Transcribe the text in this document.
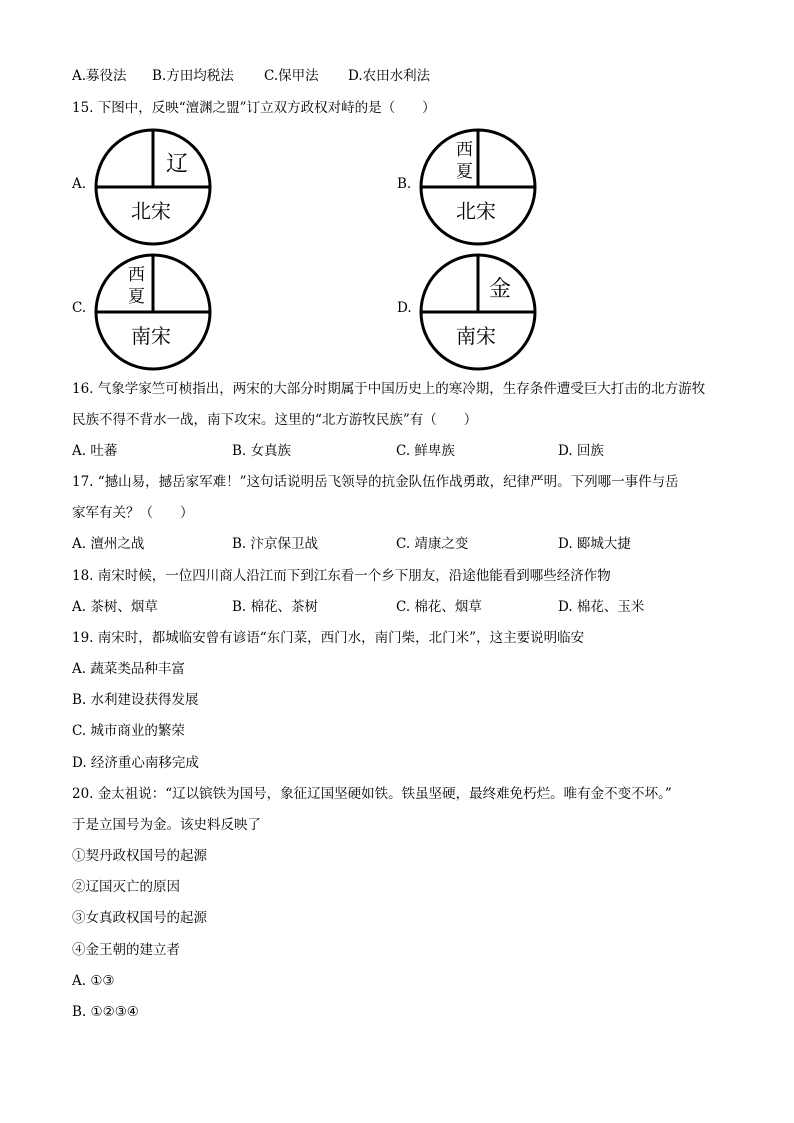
A.募役法 B.方田均税法 C.保甲法 D.农田水利法
15. 下图中，反映“澶渊之盟”订立双方政权对峙的是（　　）
A.
辽
北宋
B.
西
夏
北宋
C.
西
夏
南宋
D.
金
南宋
16. 气象学家竺可桢指出，两宋的大部分时期属于中国历史上的寒冷期，生存条件遭受巨大打击的北方游牧
民族不得不背水一战，南下攻宋。这里的“北方游牧民族”有（　　）
A. 吐蕃	B. 女真族	C. 鲜卑族	D. 回族
17. “撼山易，撼岳家军难！”这句话说明岳飞领导的抗金队伍作战勇敢，纪律严明。下列哪一事件与岳
家军有关？（　　）
A. 澶州之战	B. 汴京保卫战	C. 靖康之变	D. 郾城大捷
18. 南宋时候，一位四川商人沿江而下到江东看一个乡下朋友，沿途他能看到哪些经济作物
A. 茶树、烟草	B. 棉花、茶树	C. 棉花、烟草	D. 棉花、玉米
19. 南宋时，都城临安曾有谚语“东门菜，西门水，南门柴，北门米”，这主要说明临安
A. 蔬菜类品种丰富
B. 水利建设获得发展
C. 城市商业的繁荣
D. 经济重心南移完成
20. 金太祖说：“辽以镔铁为国号，象征辽国坚硬如铁。铁虽坚硬，最终难免朽烂。唯有金不变不坏。”
于是立国号为金。该史料反映了
①契丹政权国号的起源
②辽国灭亡的原因
③女真政权国号的起源
④金王朝的建立者
A. ①③
B. ①②③④
